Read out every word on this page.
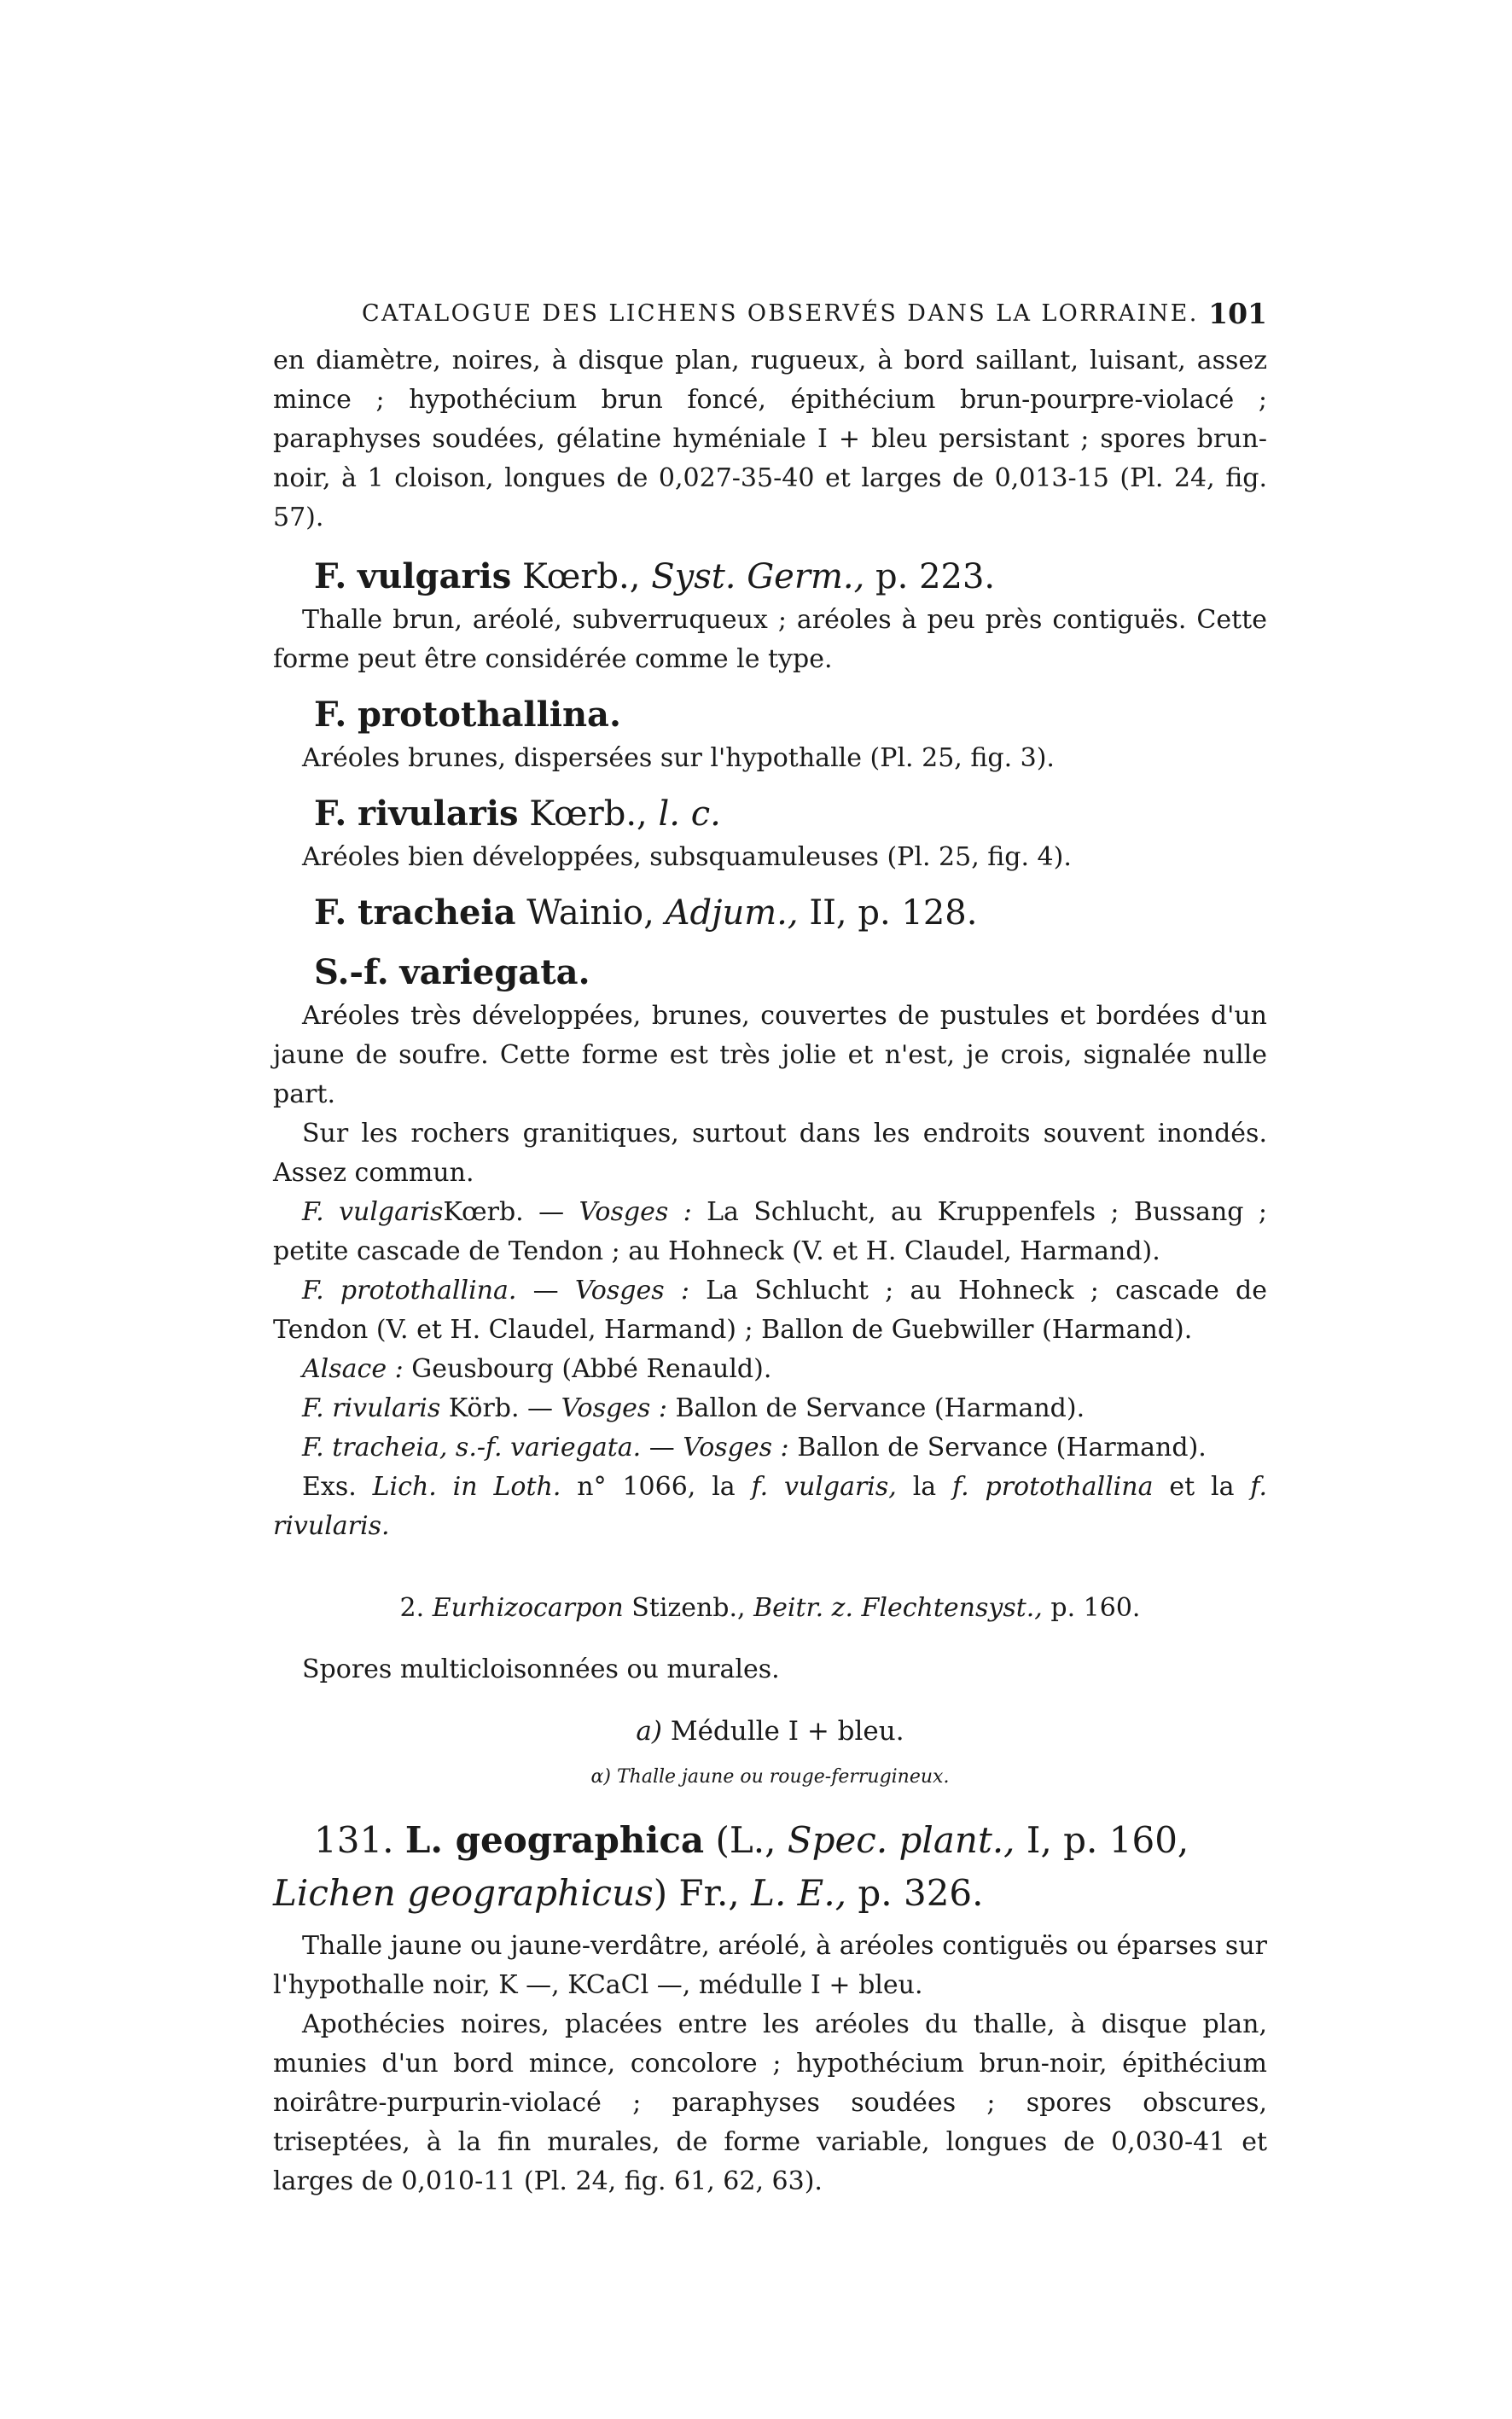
CATALOGUE DES LICHENS OBSERVÉS DANS LA LORRAINE. 101

en diamètre, noires, à disque plan, rugueux, à bord saillant, luisant, assez mince ; hypothécium brun foncé, épithécium brun-pourpre-violacé ; paraphyses soudées, gélatine hyméniale I + bleu persistant ; spores brun-noir, à 1 cloison, longues de 0,027-35-40 et larges de 0,013-15 (Pl. 24, fig. 57).

F. vulgaris Kœrb., Syst. Germ., p. 223.

Thalle brun, aréolé, subverruqueux ; aréoles à peu près contiguës. Cette forme peut être considérée comme le type.

F. protothallina.

Aréoles brunes, dispersées sur l'hypothalle (Pl. 25, fig. 3).

F. rivularis Kœrb., l. c.

Aréoles bien développées, subsquamuleuses (Pl. 25, fig. 4).

F. tracheia Wainio, Adjum., II, p. 128.
S.-f. variegata.

Aréoles très développées, brunes, couvertes de pustules et bordées d'un jaune de soufre. Cette forme est très jolie et n'est, je crois, signalée nulle part.

Sur les rochers granitiques, surtout dans les endroits souvent inondés. Assez commun.

F. vulgarisKœrb. — Vosges : La Schlucht, au Kruppenfels ; Bussang ; petite cascade de Tendon ; au Hohneck (V. et H. Claudel, Harmand).

F. protothallina. — Vosges : La Schlucht ; au Hohneck ; cascade de Tendon (V. et H. Claudel, Harmand) ; Ballon de Guebwiller (Harmand).

Alsace : Geusbourg (Abbé Renauld).

F. rivularis Körb. — Vosges : Ballon de Servance (Harmand).

F. tracheia, s.-f. variegata. — Vosges : Ballon de Servance (Harmand).

Exs. Lich. in Loth. n° 1066, la f. vulgaris, la f. protothallina et la f. rivularis.

2. Eurhizocarpon Stizenb., Beitr. z. Flechtensyst., p. 160.

Spores multicloisonnées ou murales.

a) Médulle I + bleu.

α) Thalle jaune ou rouge-ferrugineux.

131. L. geographica (L., Spec. plant., I, p. 160, Lichen geographicus) Fr., L. E., p. 326.

Thalle jaune ou jaune-verdâtre, aréolé, à aréoles contiguës ou éparses sur l'hypothalle noir, K —, KCaCl —, médulle I + bleu.

Apothécies noires, placées entre les aréoles du thalle, à disque plan, munies d'un bord mince, concolore ; hypothécium brun-noir, épithécium noirâtre-purpurin-violacé ; paraphyses soudées ; spores obscures, triseptées, à la fin murales, de forme variable, longues de 0,030-41 et larges de 0,010-11 (Pl. 24, fig. 61, 62, 63).
